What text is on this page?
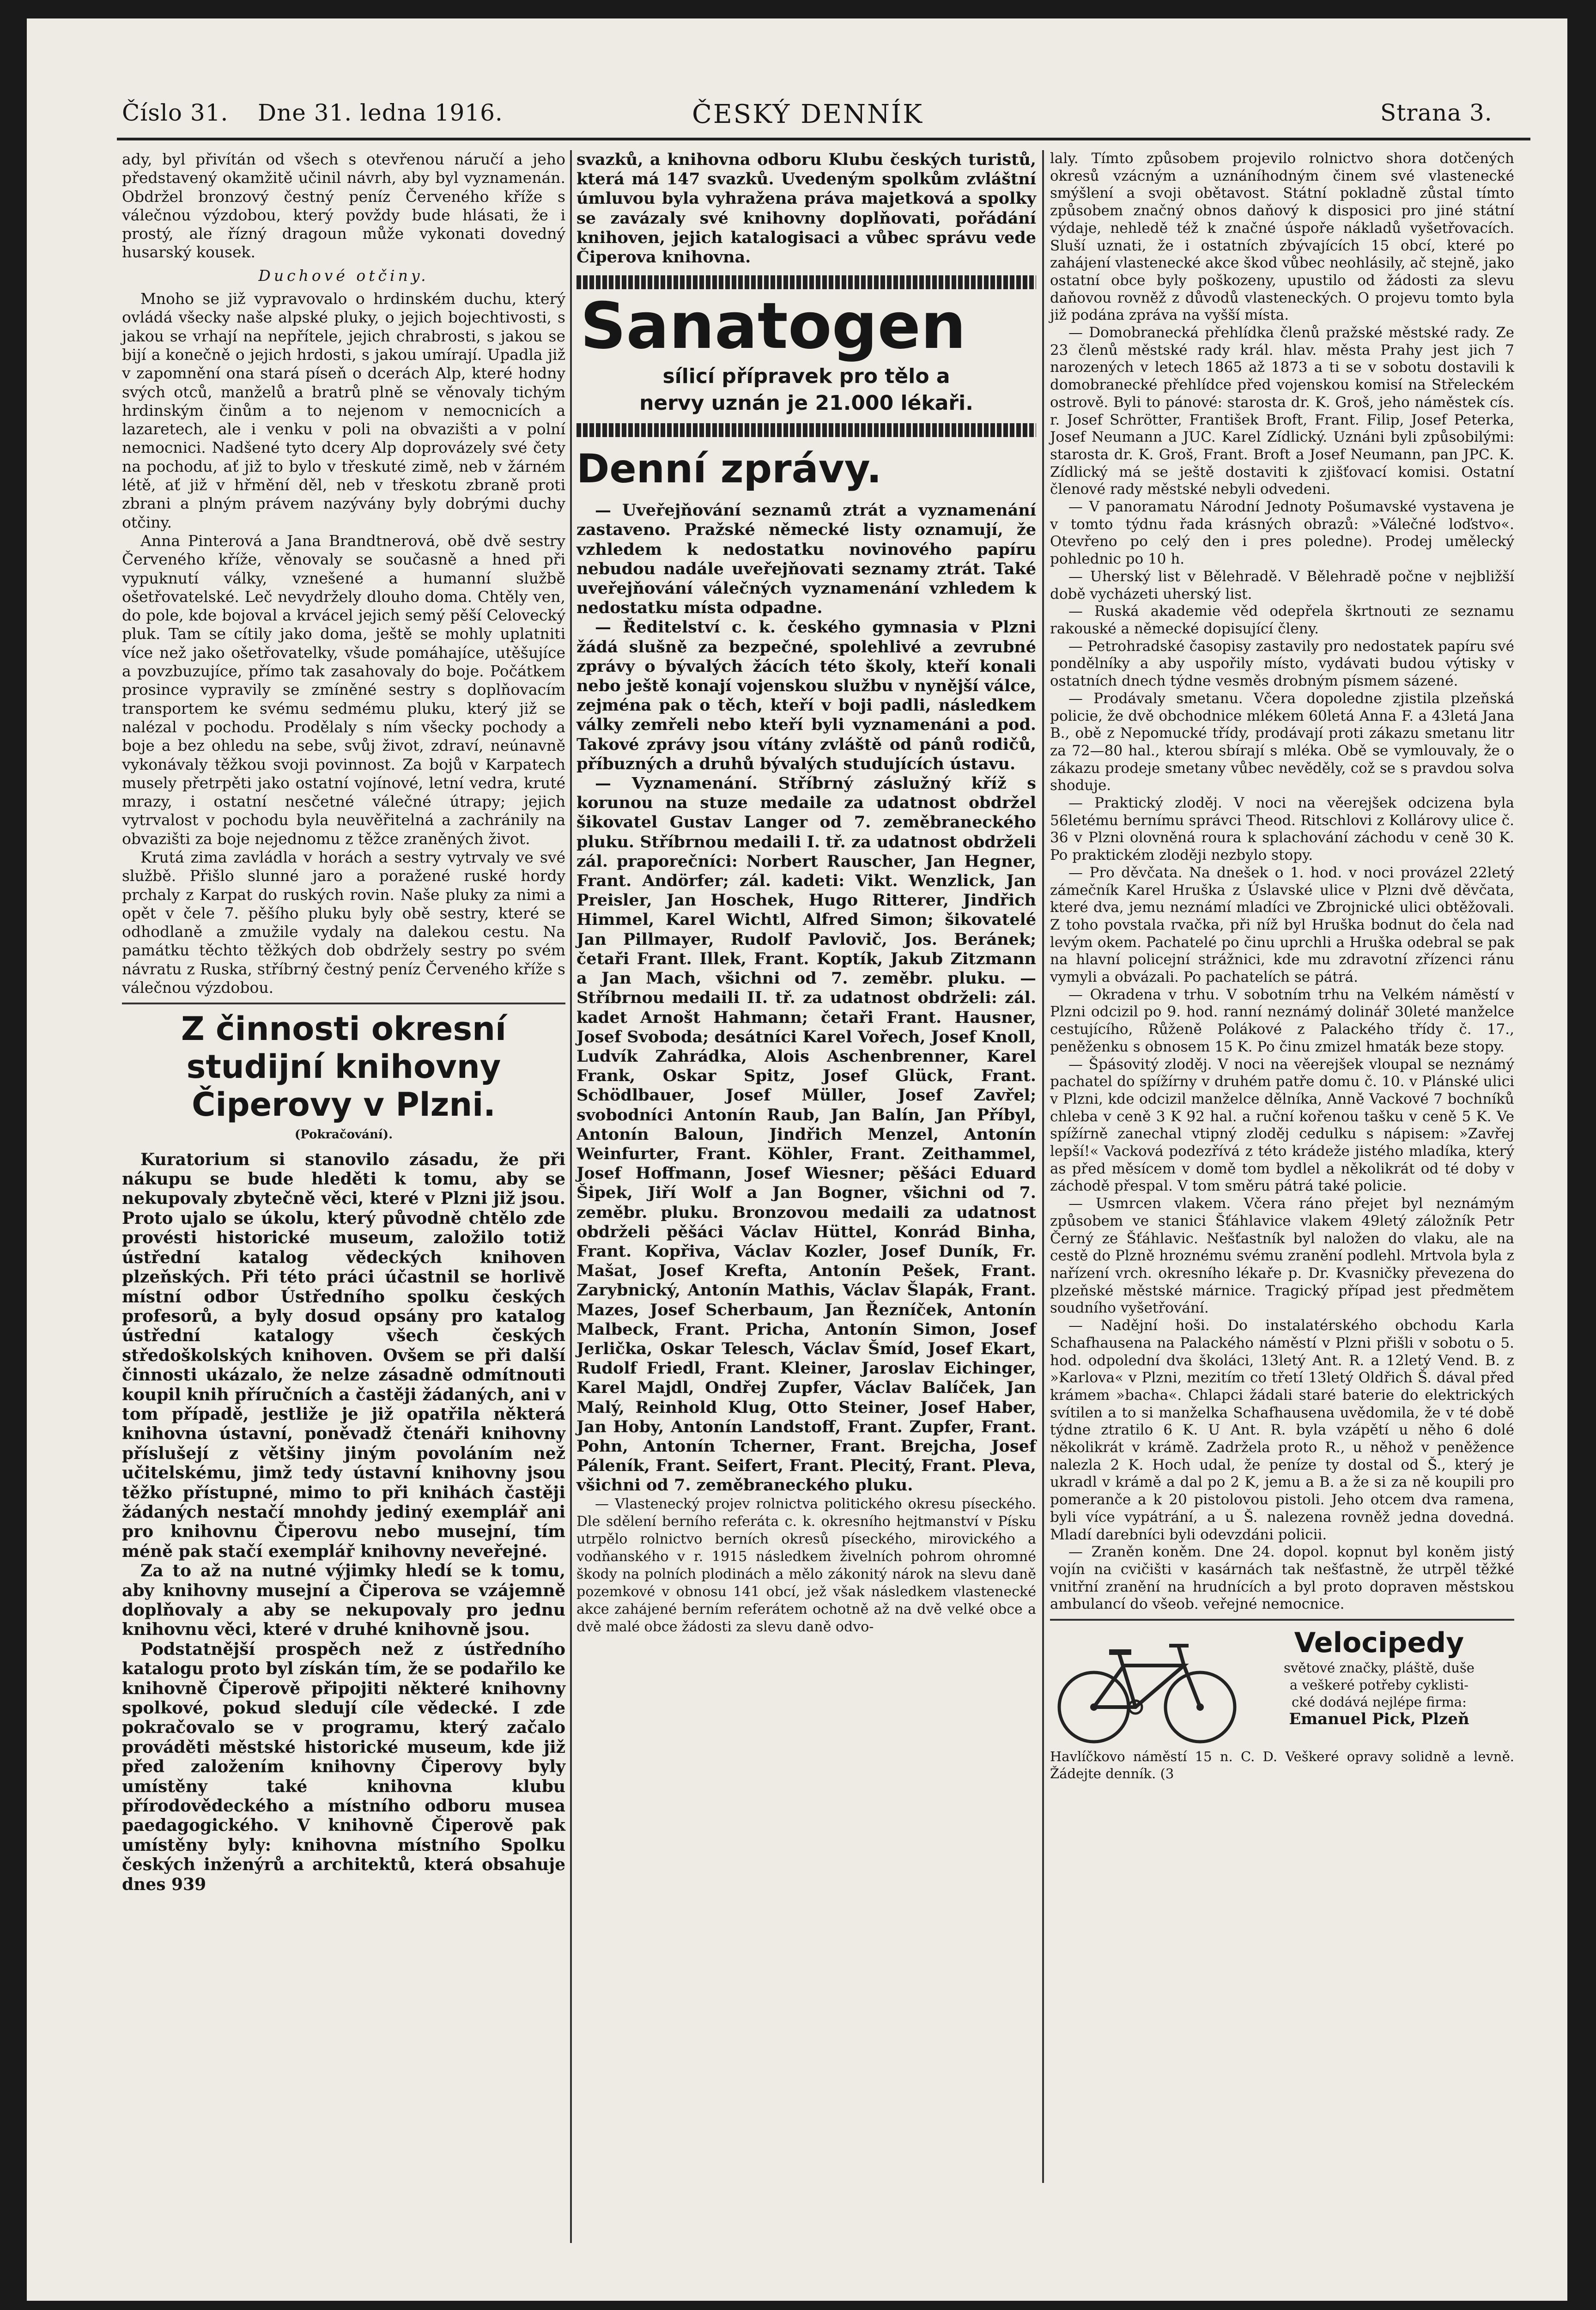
Číslo 31. Dne 31. ledna 1916.	ČESKÝ DENNÍK	Strana 3.

ady, byl přivítán od všech s otevřenou náručí a jeho představený okamžitě učinil návrh, aby byl vyznamenán. Obdržel bronzový čestný peníz Červeného kříže s válečnou výzdobou, který povždy bude hlásati, že i prostý, ale řízný dragoun může vykonati dovedný husarský kousek.

Duchové otčiny.

Mnoho se již vypravovalo o hrdinském duchu, který ovládá všecky naše alpské pluky, o jejich bojechtivosti, s jakou se vrhají na nepřítele, jejich chrabrosti, s jakou se bijí a konečně o jejich hrdosti, s jakou umírají. Upadla již v zapomnění ona stará píseň o dcerách Alp, které hodny svých otců, manželů a bratrů plně se věnovaly tichým hrdinským činům a to nejenom v nemocnicích a lazaretech, ale i venku v poli na obvazišti a v polní nemocnici. Nadšené tyto dcery Alp doprovázely své čety na pochodu, ať již to bylo v třeskuté zimě, neb v žárném létě, ať již v hřmění děl, neb v třeskotu zbraně proti zbrani a plným právem nazývány byly dobrými duchy otčiny.

Anna Pinterová a Jana Brandtnerová, obě dvě sestry Červeného kříže, věnovaly se současně a hned při vypuknutí války, vznešené a humanní službě ošetřovatelské. Leč nevydržely dlouho doma. Chtěly ven, do pole, kde bojoval a krvácel jejich semý pěší Celovecký pluk. Tam se cítily jako doma, ještě se mohly uplatniti více než jako ošetřovatelky, všude pomáhajíce, utěšujíce a povzbuzujíce, přímo tak zasahovaly do boje. Počátkem prosince vypravily se zmíněné sestry s doplňovacím transportem ke svému sedmému pluku, který již se nalézal v pochodu. Prodělaly s ním všecky pochody a boje a bez ohledu na sebe, svůj život, zdraví, neúnavně vykonávaly těžkou svoji povinnost. Za bojů v Karpatech musely přetrpěti jako ostatní vojínové, letní vedra, kruté mrazy, i ostatní nesčetné válečné útrapy; jejich vytrvalost v pochodu byla neuvěřitelná a zachránily na obvazišti za boje nejednomu z těžce zraněných život.

Krutá zima zavládla v horách a sestry vytrvaly ve své službě. Přišlo slunné jaro a poražené ruské hordy prchaly z Karpat do ruských rovin. Naše pluky za nimi a opět v čele 7. pěšího pluku byly obě sestry, které se odhodlaně a zmužile vydaly na dalekou cestu. Na památku těchto těžkých dob obdržely sestry po svém návratu z Ruska, stříbrný čestný peníz Červeného kříže s válečnou výzdobou.

Z činnosti okresní studijní knihovny Čiperovy v Plzni.
(Pokračování).

Kuratorium si stanovilo zásadu, že při nákupu se bude hleděti k tomu, aby se nekupovaly zbytečně věci, které v Plzni již jsou. Proto ujalo se úkolu, který původně chtělo zde provésti historické museum, založilo totiž ústřední katalog vědeckých knihoven plzeňských. Při této práci účastnil se horlivě místní odbor Ústředního spolku českých profesorů, a byly dosud opsány pro katalog ústřední katalogy všech českých středoškolských knihoven. Ovšem se při další činnosti ukázalo, že nelze zásadně odmítnouti koupil knih příručních a častěji žádaných, ani v tom případě, jestliže je již opatřila některá knihovna ústavní, poněvadž čtenáři knihovny příslušejí z většiny jiným povoláním než učitelskému, jimž tedy ústavní knihovny jsou těžko přístupné, mimo to při knihách častěji žádaných nestačí mnohdy jediný exemplář ani pro knihovnu Čiperovu nebo musejní, tím méně pak stačí exemplář knihovny neveřejné.

Za to až na nutné výjimky hledí se k tomu, aby knihovny musejní a Čiperova se vzájemně doplňovaly a aby se nekupovaly pro jednu knihovnu věci, které v druhé knihovně jsou.

Podstatnější prospěch než z ústředního katalogu proto byl získán tím, že se podařilo ke knihovně Čiperově připojiti některé knihovny spolkové, pokud sledují cíle vědecké. I zde pokračovalo se v programu, který začalo prováděti městské historické museum, kde již před založením knihovny Čiperovy byly umístěny také knihovna klubu přírodovědeckého a místního odboru musea paedagogického. V knihovně Čiperově pak umístěny byly: knihovna místního Spolku českých inženýrů a architektů, která obsahuje dnes 939

svazků, a knihovna odboru Klubu českých turistů, která má 147 svazků. Uvedeným spolkům zvláštní úmluvou byla vyhražena práva majetková a spolky se zavázaly své knihovny doplňovati, pořádání knihoven, jejich katalogisaci a vůbec správu vede Čiperova knihovna.

Sanatogen
sílicí přípravek pro tělo a
nervy uznán je 21.000 lékaři.
Denní zprávy.

— Uveřejňování seznamů ztrát a vyznamenání zastaveno. Pražské německé listy oznamují, že vzhledem k nedostatku novinového papíru nebudou nadále uveřejňovati seznamy ztrát. Také uveřejňování válečných vyznamenání vzhledem k nedostatku místa odpadne.

— Ředitelství c. k. českého gymnasia v Plzni žádá slušně za bezpečné, spolehlivé a zevrubné zprávy o bývalých žácích této školy, kteří konali nebo ještě konají vojenskou službu v nynější válce, zejména pak o těch, kteří v boji padli, následkem války zemřeli nebo kteří byli vyznamenáni a pod. Takové zprávy jsou vítány zvláště od pánů rodičů, příbuzných a druhů bývalých studujících ústavu.

— Vyznamenání. Stříbrný záslužný kříž s korunou na stuze medaile za udatnost obdržel šikovatel Gustav Langer od 7. zeměbraneckého pluku. Stříbrnou medaili I. tř. za udatnost obdrželi zál. praporečníci: Norbert Rauscher, Jan Hegner, Frant. Andörfer; zál. kadeti: Vikt. Wenzlick, Jan Preisler, Jan Hoschek, Hugo Ritterer, Jindřich Himmel, Karel Wichtl, Alfred Simon; šikovatelé Jan Pillmayer, Rudolf Pavlovič, Jos. Beránek; četaři Frant. Illek, Frant. Koptík, Jakub Zitzmann a Jan Mach, všichni od 7. zeměbr. pluku. — Stříbrnou medaili II. tř. za udatnost obdrželi: zál. kadet Arnošt Hahmann; četaři Frant. Hausner, Josef Svoboda; desátníci Karel Vořech, Josef Knoll, Ludvík Zahrádka, Alois Aschenbrenner, Karel Frank, Oskar Spitz, Josef Glück, Frant. Schödlbauer, Josef Müller, Josef Zavřel; svobodníci Antonín Raub, Jan Balín, Jan Příbyl, Antonín Baloun, Jindřich Menzel, Antonín Weinfurter, Frant. Köhler, Frant. Zeithammel, Josef Hoffmann, Josef Wiesner; pěšáci Eduard Šipek, Jiří Wolf a Jan Bogner, všichni od 7. zeměbr. pluku. Bronzovou medaili za udatnost obdrželi pěšáci Václav Hüttel, Konrád Binha, Frant. Kopřiva, Václav Kozler, Josef Duník, Fr. Mašat, Josef Krefta, Antonín Pešek, Frant. Zarybnický, Antonín Mathis, Václav Šlapák, Frant. Mazes, Josef Scherbaum, Jan Řezníček, Antonín Malbeck, Frant. Pricha, Antonín Simon, Josef Jerlička, Oskar Telesch, Václav Šmíd, Josef Ekart, Rudolf Friedl, Frant. Kleiner, Jaroslav Eichinger, Karel Majdl, Ondřej Zupfer, Václav Balíček, Jan Malý, Reinhold Klug, Otto Steiner, Josef Haber, Jan Hoby, Antonín Landstoff, Frant. Zupfer, Frant. Pohn, Antonín Tcherner, Frant. Brejcha, Josef Páleník, Frant. Seifert, Frant. Plecitý, Frant. Pleva, všichni od 7. zeměbraneckého pluku.

— Vlastenecký projev rolnictva politického okresu píseckého. Dle sdělení berního referáta c. k. okresního hejtmanství v Písku utrpělo rolnictvo berních okresů píseckého, mirovického a vodňanského v r. 1915 následkem živelních pohrom ohromné škody na polních plodinách a mělo zákonitý nárok na slevu daně pozemkové v obnosu 141 obcí, jež však následkem vlastenecké akce zahájené berním referátem ochotně až na dvě velké obce a dvě malé obce žádosti za slevu daně odvo-

laly. Tímto způsobem projevilo rolnictvo shora dotčených okresů vzácným a uznáníhodným činem své vlastenecké smýšlení a svoji obětavost. Státní pokladně zůstal tímto způsobem značný obnos daňový k disposici pro jiné státní výdaje, nehledě též k značné úspoře nákladů vyšetřovacích. Sluší uznati, že i ostatních zbývajících 15 obcí, které po zahájení vlastenecké akce škod vůbec neohlásily, ač stejně, jako ostatní obce byly poškozeny, upustilo od žádosti za slevu daňovou rovněž z důvodů vlasteneckých. O projevu tomto byla již podána zpráva na vyšší místa.

— Domobranecká přehlídka členů pražské městské rady. Ze 23 členů městské rady král. hlav. města Prahy jest jich 7 narozených v letech 1865 až 1873 a ti se v sobotu dostavili k domobranecké přehlídce před vojenskou komisí na Střeleckém ostrově. Byli to pánové: starosta dr. K. Groš, jeho náměstek cís. r. Josef Schrötter, František Broft, Frant. Filip, Josef Peterka, Josef Neumann a JUC. Karel Zídlický. Uznáni byli způsobilými: starosta dr. K. Groš, Frant. Broft a Josef Neumann, pan JPC. K. Zídlický má se ještě dostaviti k zjišťovací komisi. Ostatní členové rady městské nebyli odvedeni.

— V panoramatu Národní Jednoty Pošumavské vystavena je v tomto týdnu řada krásných obrazů: »Válečné loďstvo«. Otevřeno po celý den i pres poledne). Prodej umělecký pohlednic po 10 h.

— Uherský list v Bělehradě. V Bělehradě počne v nejbližší době vycházeti uherský list.

— Ruská akademie věd odepřela škrtnouti ze seznamu rakouské a německé dopisující členy.

— Petrohradské časopisy zastavily pro nedostatek papíru své pondělníky a aby uspořily místo, vydávati budou výtisky v ostatních dnech týdne vesměs drobným písmem sázené.

— Prodávaly smetanu. Včera dopoledne zjistila plzeňská policie, že dvě obchodnice mlékem 60letá Anna F. a 43letá Jana B., obě z Nepomucké třídy, prodávají proti zákazu smetanu litr za 72—80 hal., kterou sbírají s mléka. Obě se vymlouvaly, že o zákazu prodeje smetany vůbec nevěděly, což se s pravdou solva shoduje.

— Praktický zloděj. V noci na věerejšek odcizena byla 56letému bernímu správci Theod. Ritschlovi z Kollárovy ulice č. 36 v Plzni olovněná roura k splachování záchodu v ceně 30 K. Po praktickém zloději nezbylo stopy.

— Pro děvčata. Na dnešek o 1. hod. v noci provázel 22letý zámečník Karel Hruška z Úslavské ulice v Plzni dvě děvčata, které dva, jemu neznámí mladíci ve Zbrojnické ulici obtěžovali. Z toho povstala rvačka, při níž byl Hruška bodnut do čela nad levým okem. Pachatelé po činu uprchli a Hruška odebral se pak na hlavní policejní strážnici, kde mu zdravotní zřízenci ránu vymyli a obvázali. Po pachatelích se pátrá.

— Okradena v trhu. V sobotním trhu na Velkém náměstí v Plzni odcizil po 9. hod. ranní neznámý dolinář 30leté manželce cestujícího, Růženě Polákové z Palackého třídy č. 17., peněženku s obnosem 15 K. Po činu zmizel hmaták beze stopy.

— Špásovitý zloděj. V noci na věerejšek vloupal se neznámý pachatel do spížírny v druhém patře domu č. 10. v Plánské ulici v Plzni, kde odcizil manželce dělníka, Anně Vackové 7 bochníků chleba v ceně 3 K 92 hal. a ruční kořenou tašku v ceně 5 K. Ve spížírně zanechal vtipný zloděj cedulku s nápisem: »Zavřej lepší!« Vacková podezřívá z této krádeže jistého mladíka, který as před měsícem v domě tom bydlel a několikrát od té doby v záchodě přespal. V tom směru pátrá také policie.

— Usmrcen vlakem. Včera ráno přejet byl neznámým způsobem ve stanici Šťáhlavice vlakem 49letý záložník Petr Černý ze Šťáhlavic. Nešťastník byl naložen do vlaku, ale na cestě do Plzně hroznému svému zranění podlehl. Mrtvola byla z nařízení vrch. okresního lékaře p. Dr. Kvasničky převezena do plzeňské městské márnice. Tragický případ jest předmětem soudního vyšetřování.

— Nadějní hoši. Do instalatérského obchodu Karla Schafhausena na Palackého náměstí v Plzni přišli v sobotu o 5. hod. odpolední dva školáci, 13letý Ant. R. a 12letý Vend. B. z »Karlova« v Plzni, mezitím co třetí 13letý Oldřich Š. dával před krámem »bacha«. Chlapci žádali staré baterie do elektrických svítilen a to si manželka Schafhausena uvědomila, že v té době týdne ztratilo 6 K. U Ant. R. byla vzápětí u něho 6 dolé několikrát v krámě. Zadržela proto R., u něhož v peněžence nalezla 2 K. Hoch udal, že peníze ty dostal od Š., který je ukradl v krámě a dal po 2 K, jemu a B. a že si za ně koupili pro pomeranče a k 20 pistolovou pistoli. Jeho otcem dva ramena, byli více vypátrání, a u Š. nalezena rovněž jedna dovedná. Mladí darebníci byli odevzdáni policii.

— Zraněn koněm. Dne 24. dopol. kopnut byl koněm jistý vojín na cvičišti v kasárnách tak nešťastně, že utrpěl těžké vnitřní zranění na hrudnících a byl proto dopraven městskou ambulancí do všeob. veřejné nemocnice.

Velocipedy
světové značky, pláště, duše
a veškeré potřeby cyklisti-
cké dodává nejlépe firma:
Emanuel Pick, Plzeň
Havlíčkovo náměstí 15 n. C. D. Veškeré opravy solidně a levně. Žádejte denník. (3
